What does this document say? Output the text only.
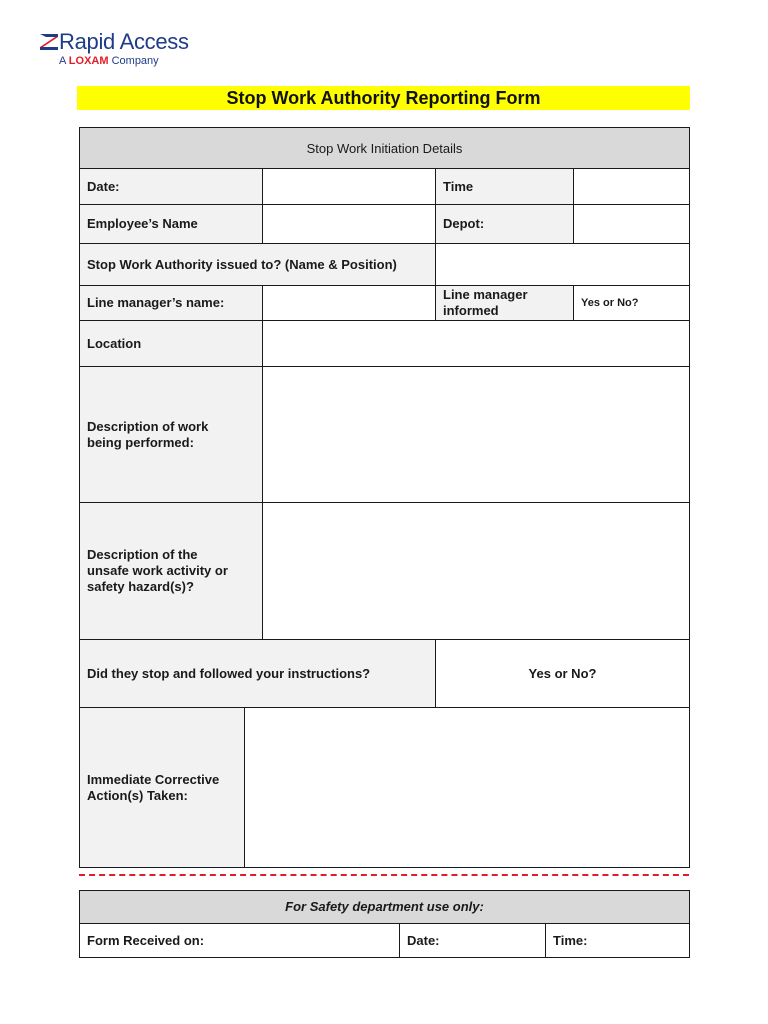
Rapid Access
A LOXAM Company
Stop Work Authority Reporting Form
Stop Work Initiation Details			
Date:		Time	
Employee’s Name		Depot:	
Stop Work Authority issued to? (Name & Position)			
Line manager’s name:		Line manager informed	Yes or No?
Location			

Description of work
being performed:			

Description of the
unsafe work activity or
safety hazard(s)?			

Did they stop and followed your instructions?		Yes or No?	
Immediate Corrective
Action(s) Taken:

For Safety department use only:
Form Received on:	Date:	Time:
